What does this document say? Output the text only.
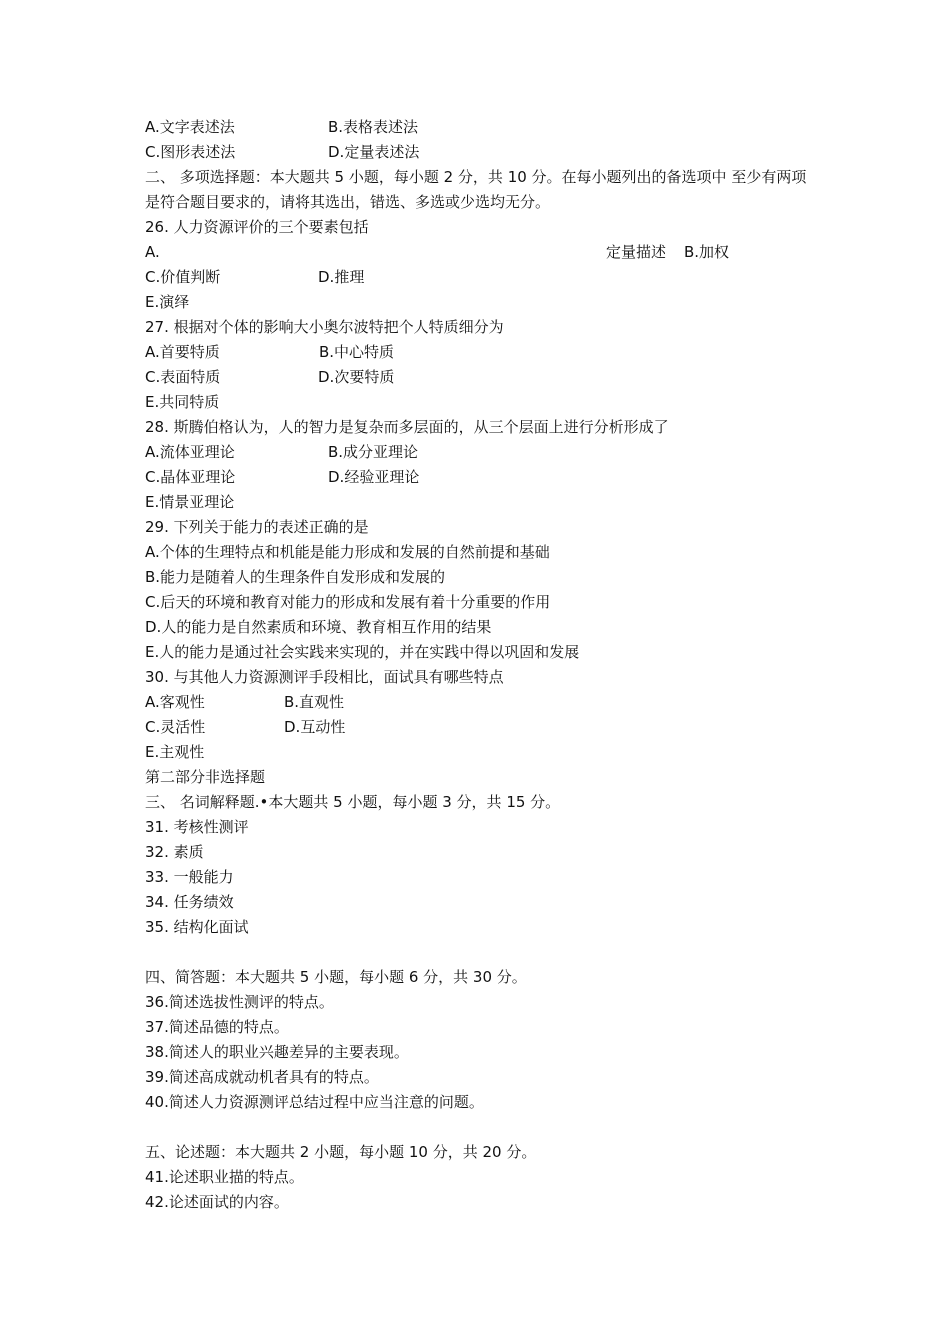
A.文字表述法	B.表格表述法
C.图形表述法	D.定量表述法
二、 多项选择题：本大题共 5 小题，每小题 2 分，共 10 分。在每小题列出的备选项中 至少有两项是符合题目要求的，请将其选出，错选、多选或少选均无分。
26. 人力资源评价的三个要素包括
A.	定量描述 B.加权
C.价值判断	D.推理
E.演绎
27. 根据对个体的影响大小奥尔波特把个人特质细分为
A.首要特质	B.中心特质
C.表面特质	D.次要特质
E.共同特质
28. 斯腾伯格认为，人的智力是复杂而多层面的，从三个层面上进行分析形成了
A.流体亚理论	B.成分亚理论
C.晶体亚理论	D.经验亚理论
E.情景亚理论
29. 下列关于能力的表述正确的是
A.个体的生理特点和机能是能力形成和发展的自然前提和基础
B.能力是随着人的生理条件自发形成和发展的
C.后天的环境和教育对能力的形成和发展有着十分重要的作用
D.人的能力是自然素质和环境、教育相互作用的结果
E.人的能力是通过社会实践来实现的，并在实践中得以巩固和发展
30. 与其他人力资源测评手段相比，面试具有哪些特点
A.客观性	B.直观性
C.灵活性	D.互动性
E.主观性
第二部分非选择题
三、 名词解释题.•本大题共 5 小题，每小题 3 分，共 15 分。
31. 考核性测评
32. 素质
33. 一般能力
34. 任务绩效
35. 结构化面试
四、简答题：本大题共 5 小题，每小题 6 分，共 30 分。
36.简述选拔性测评的特点。
37.简述品德的特点。
38.简述人的职业兴趣差异的主要表现。
39.简述高成就动机者具有的特点。
40.简述人力资源测评总结过程中应当注意的问题。
五、论述题：本大题共 2 小题，每小题 10 分，共 20 分。
41.论述职业描的特点。
42.论述面试的内容。
